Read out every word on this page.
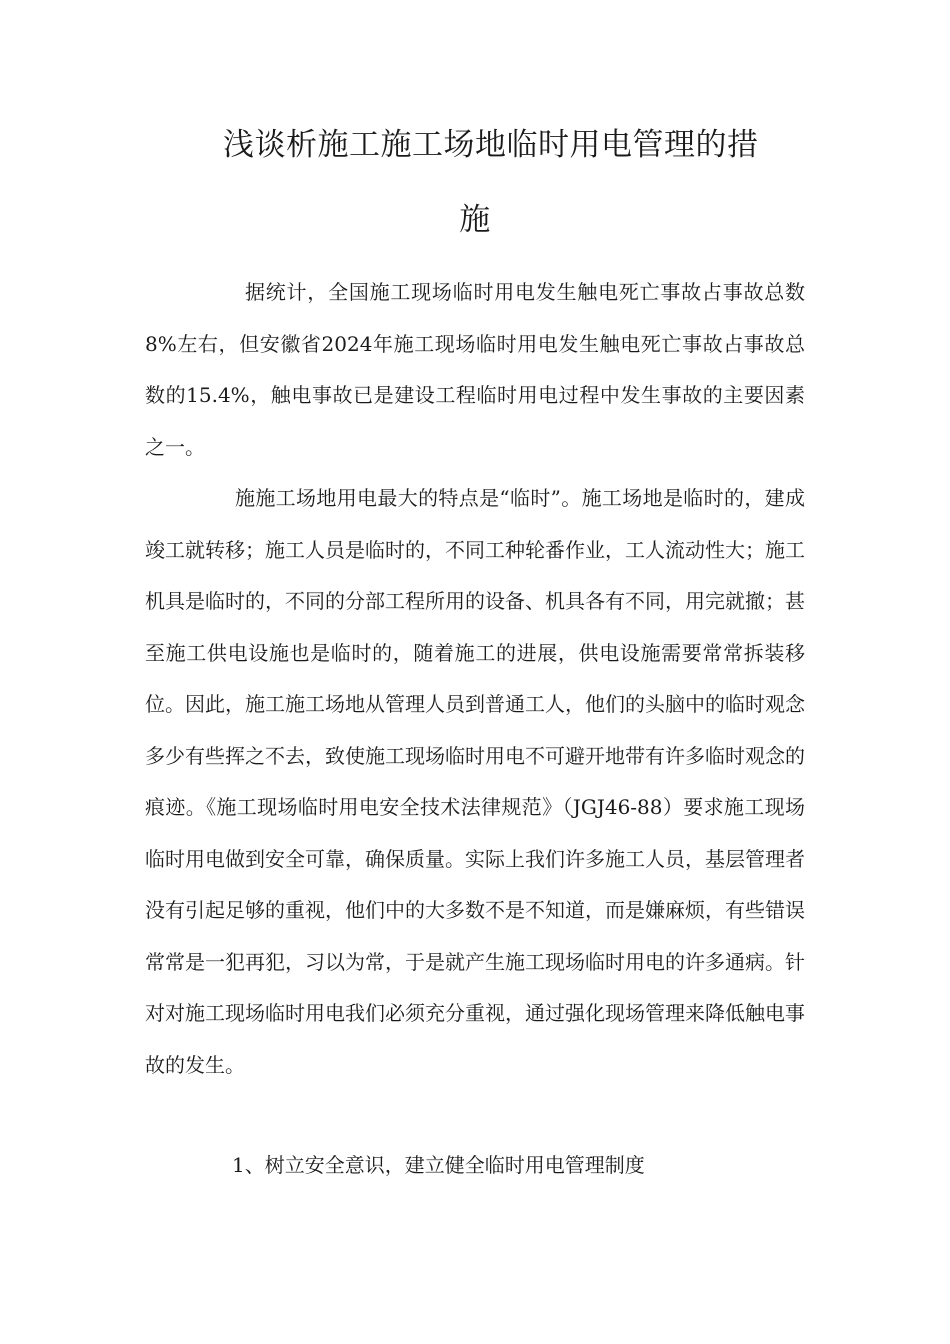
浅谈析施工施工场地临时用电管理的措
施

据统计，全国施工现场临时用电发生触电死亡事故占事故总数8%左右，但安徽省2024年施工现场临时用电发生触电死亡事故占事故总数的15.4%，触电事故已是建设工程临时用电过程中发生事故的主要因素之一。

施施工场地用电最大的特点是“临时”。施工场地是临时的，建成竣工就转移；施工人员是临时的，不同工种轮番作业，工人流动性大；施工机具是临时的，不同的分部工程所用的设备、机具各有不同，用完就撤；甚至施工供电设施也是临时的，随着施工的进展，供电设施需要常常拆装移位。因此，施工施工场地从管理人员到普通工人，他们的头脑中的临时观念多少有些挥之不去，致使施工现场临时用电不可避开地带有许多临时观念的痕迹。《施工现场临时用电安全技术法律规范》（JGJ46-88）要求施工现场临时用电做到安全可靠，确保质量。实际上我们许多施工人员，基层管理者没有引起足够的重视，他们中的大多数不是不知道，而是嫌麻烦，有些错误常常是一犯再犯，习以为常，于是就产生施工现场临时用电的许多通病。针对对施工现场临时用电我们必须充分重视，通过强化现场管理来降低触电事故的发生。

1、树立安全意识，建立健全临时用电管理制度
